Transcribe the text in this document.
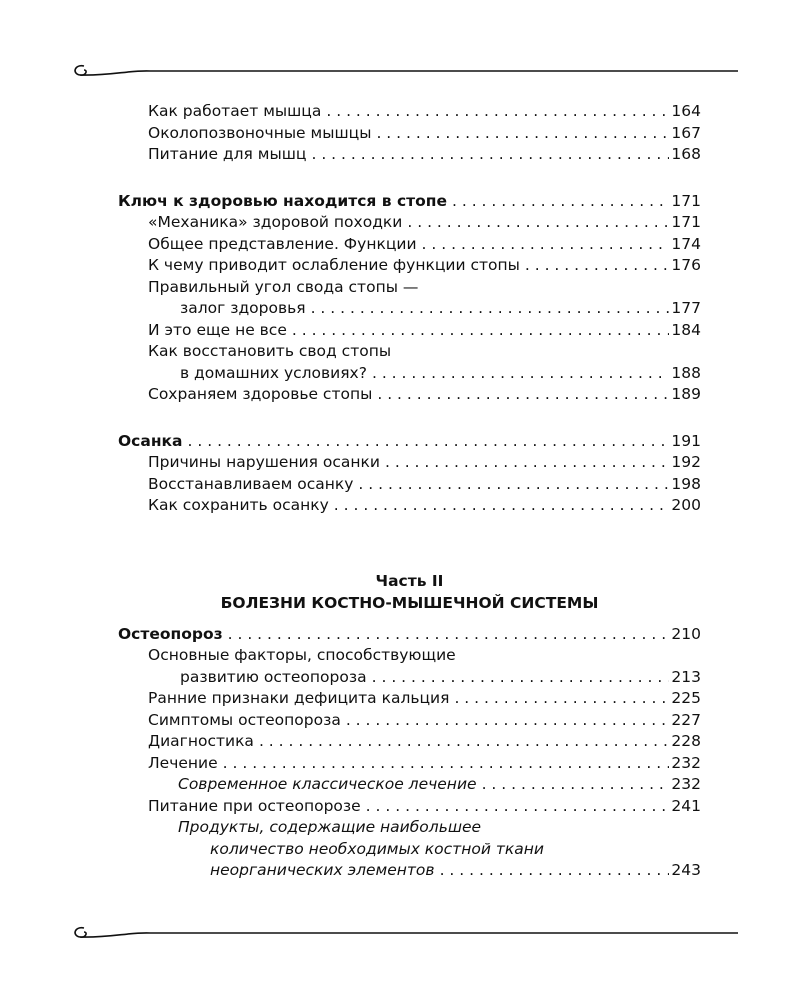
Как работает мышца . . .	164
Околопозвоночные мышцы . . .	167
Питание для мышц . . .	168
Ключ к здоровью находится в стопе . . .	171
«Механика» здоровой походки . . .	171
Общее представление. Функции . . .	174
К чему приводит ослабление функции стопы . . .	176
Правильный угол свода стопы —
залог здоровья . . .	177
И это еще не все . . .	184
Как восстановить свод стопы
в домашних условиях? . . .	188
Сохраняем здоровье стопы . . .	189
Осанка . . .	191
Причины нарушения осанки . . .	192
Восстанавливаем осанку . . .	198
Как сохранить осанку . . .	200
Часть II
БОЛЕЗНИ КОСТНО-МЫШЕЧНОЙ СИСТЕМЫ
Остеопороз . . .	210
Основные факторы, способствующие
развитию остеопороза . . .	213
Ранние признаки дефицита кальция . . .	225
Симптомы остеопороза . . .	227
Диагностика . . .	228
Лечение . . .	232
Современное классическое лечение . . .	232
Питание при остеопорозе . . .	241
Продукты, содержащие наибольшее
количество необходимых костной ткани
неорганических элементов . . .	243
